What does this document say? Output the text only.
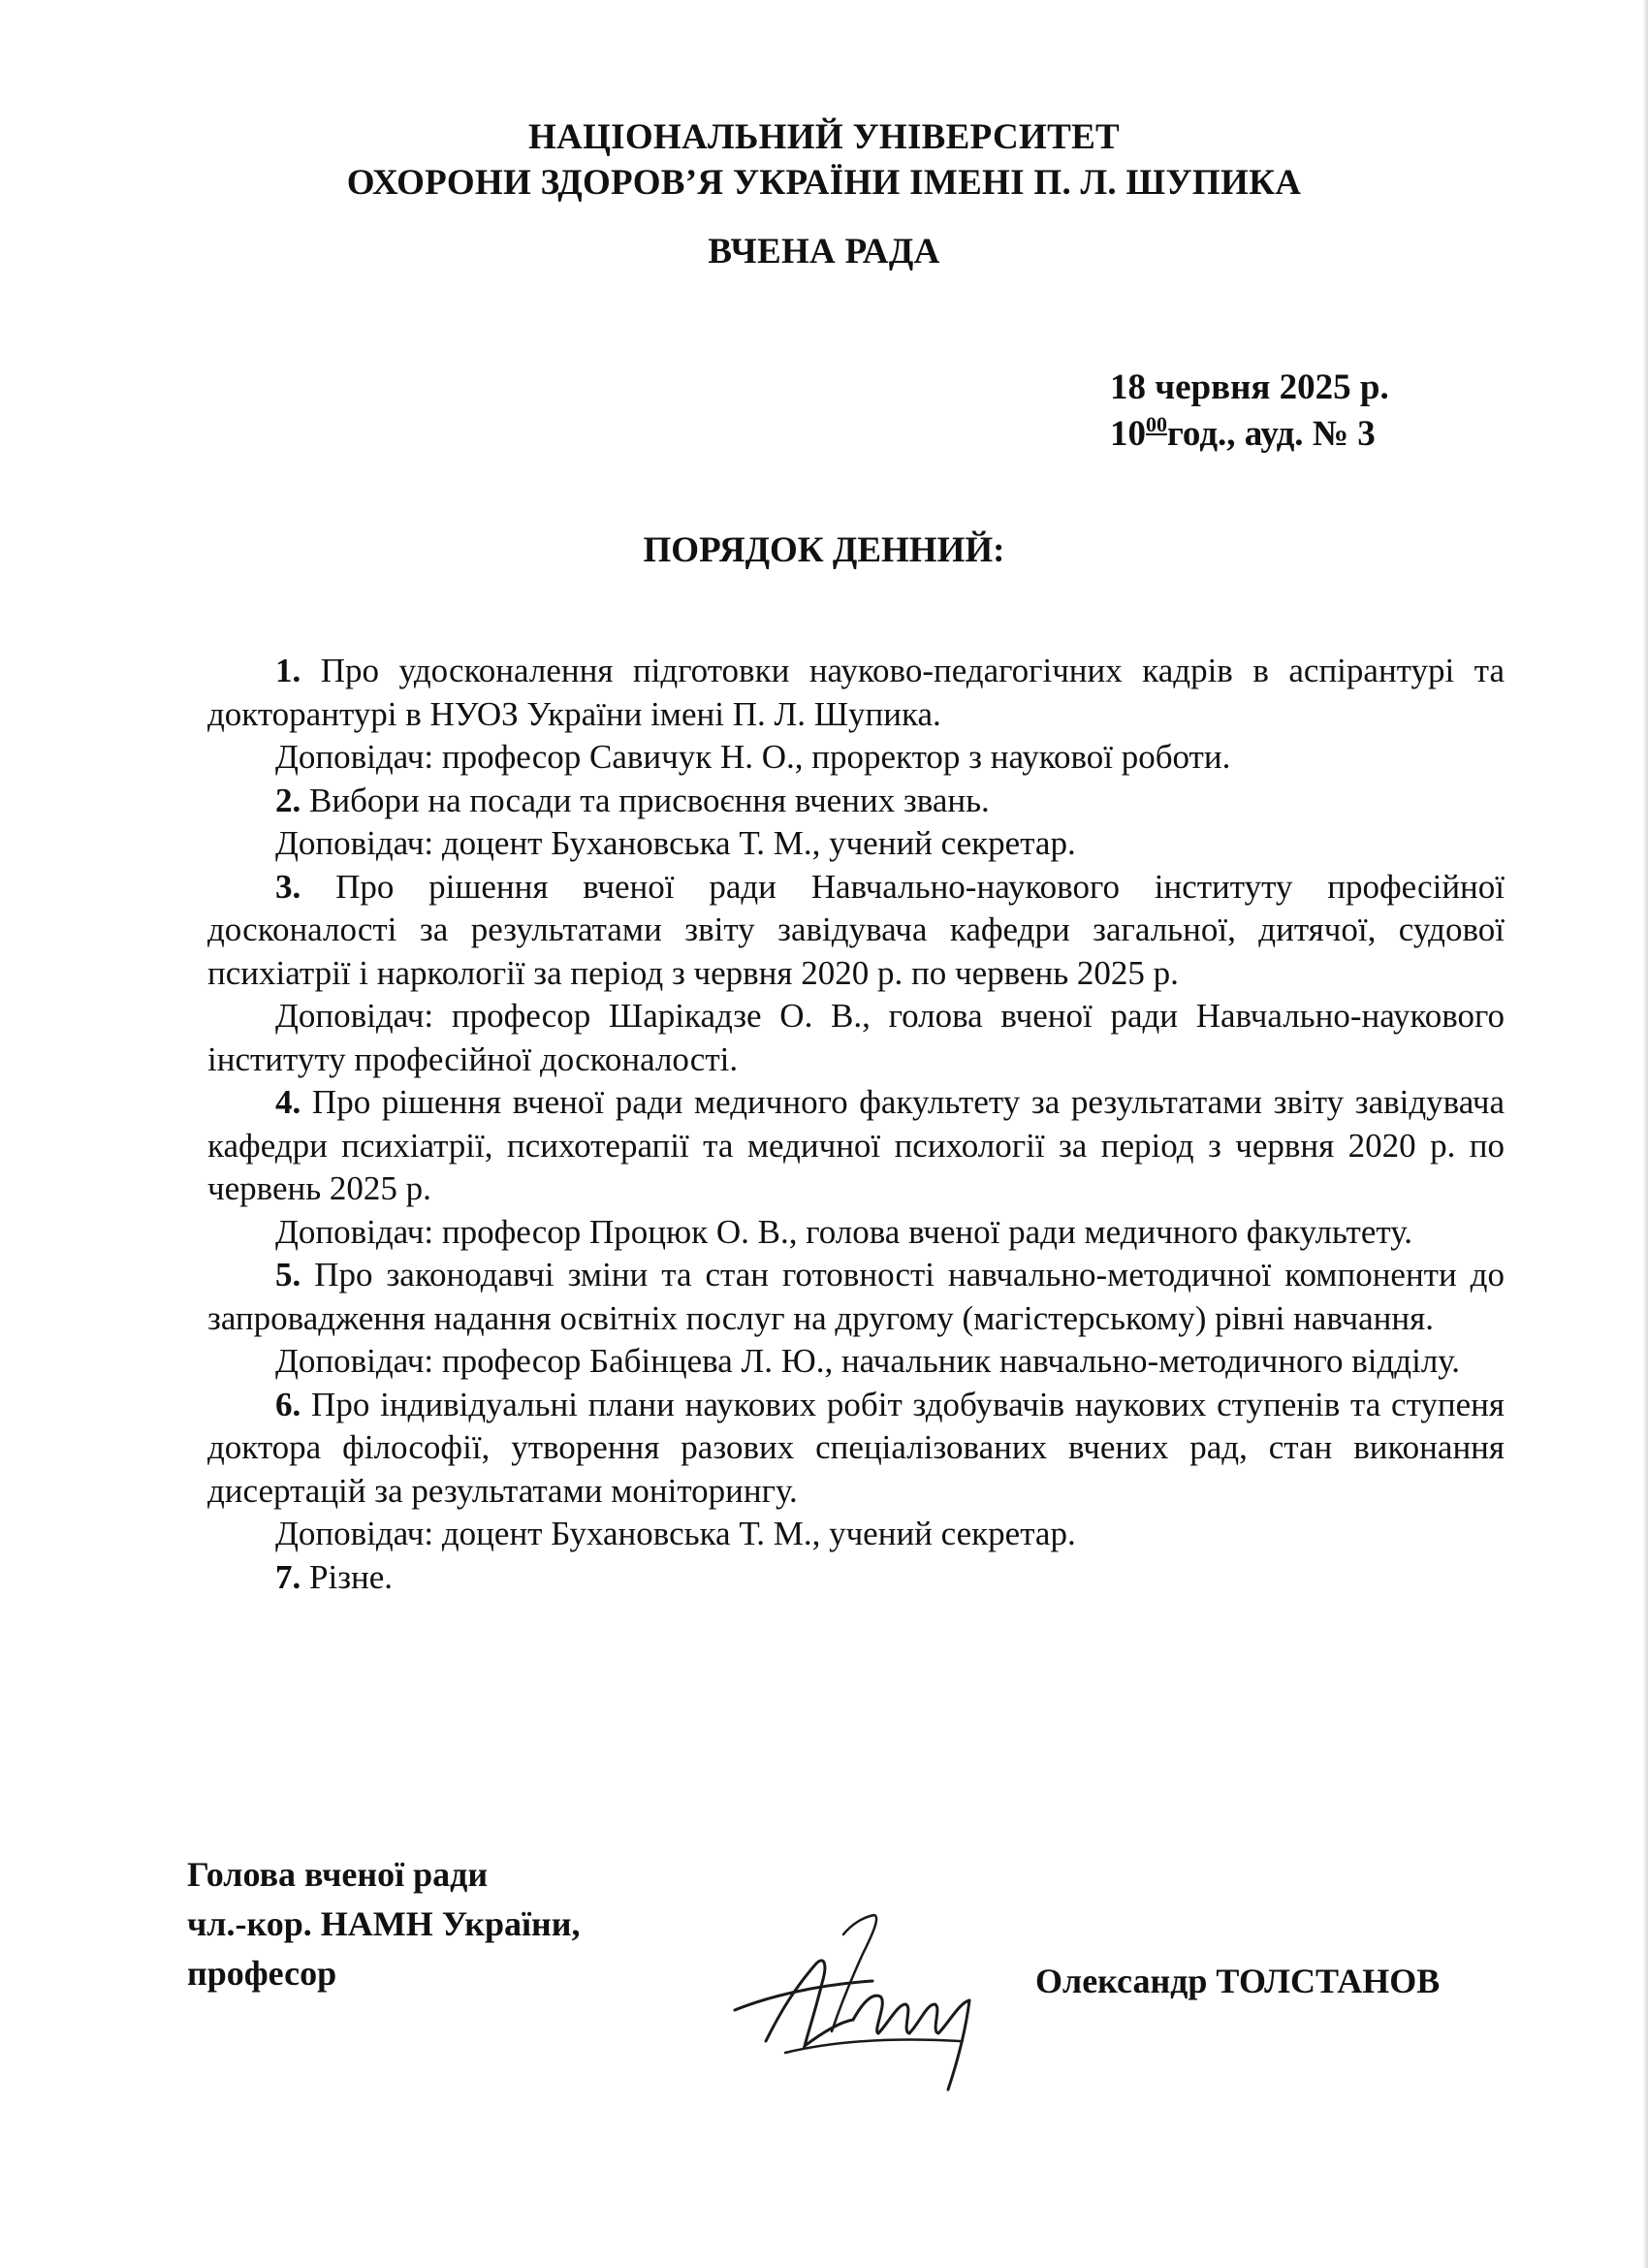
НАЦІОНАЛЬНИЙ УНІВЕРСИТЕТ
ОХОРОНИ ЗДОРОВ’Я УКРАЇНИ ІМЕНІ П. Л. ШУПИКА
ВЧЕНА РАДА
18 червня 2025 р.
$10^{00}год$., ауд. № 3
ПОРЯДОК ДЕННИЙ:

1. Про удосконалення підготовки науково-педагогічних кадрів в аспірантурі та докторантурі в НУОЗ України імені П. Л. Шупика.

Доповідач: професор Савичук Н. О., проректор з наукової роботи.

2. Вибори на посади та присвоєння вчених звань.

Доповідач: доцент Бухановська Т. М., учений секретар.

3. Про рішення вченої ради Навчально-наукового інституту професійної досконалості за результатами звіту завідувача кафедри загальної, дитячої, судової психіатрії і наркології за період з червня 2020 р. по червень 2025 р.

Доповідач: професор Шарікадзе О. В., голова вченої ради Навчально-наукового інституту професійної досконалості.

4. Про рішення вченої ради медичного факультету за результатами звіту завідувача кафедри психіатрії, психотерапії та медичної психології за період з червня 2020 р. по червень 2025 р.

Доповідач: професор Процюк О. В., голова вченої ради медичного факультету.

5. Про законодавчі зміни та стан готовності навчально-методичної компоненти до запровадження надання освітніх послуг на другому (магістерському) рівні навчання.

Доповідач: професор Бабінцева Л. Ю., начальник навчально-методичного відділу.

6. Про індивідуальні плани наукових робіт здобувачів наукових ступенів та ступеня доктора філософії, утворення разових спеціалізованих вчених рад, стан виконання дисертацій за результатами моніторингу.

Доповідач: доцент Бухановська Т. М., учений секретар.

7. Різне.

Голова вченої ради
чл.-кор. НАМН України,
професор	Олександр ТОЛСТАНОВ
